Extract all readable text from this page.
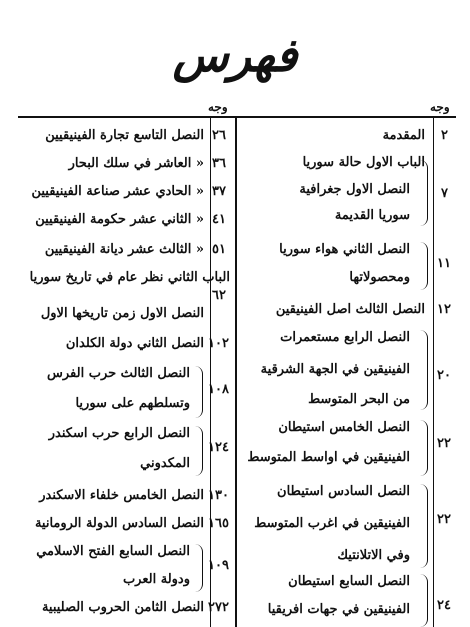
فهرس
وجه
وجه
٢
المقدمة
الباب الاول حالة سوريا
٧
النصل الاول جغرافية
سوريا القديمة
١١
النصل الثاني هواء سوريا
ومحصولاتها
١٢
النصل الثالث اصل الفينيقين
النصل الرابع مستعمرات
٢٠
الفينيقين في الجهة الشرقية
من البحر المتوسط
النصل الخامس استيطان
٢٢
الفينيقين في اواسط المتوسط
النصل السادس استيطان
٢٢
الفينيقين في اغرب المتوسط
وفي الاتلانتيك
النصل السابع استيطان
٢٤
الفينيقين في جهات افريقيا
٢٦
النصل التاسع تجارة الفينيقيين
٣٦
« العاشر في سلك البحار
٣٧
« الحادي عشر صناعة الفينيقيين
٤١
« الثاني عشر حكومة الفينيقيين
٥١
« الثالث عشر ديانة الفينيقيين
الباب الثاني نظر عام في تاريخ سوريا
٦٢
النصل الاول زمن تاريخها الاول
١٠٢
النصل الثاني دولة الكلدان
النصل الثالث حرب الفرس
١٠٨
وتسلطهم على سوريا
النصل الرابع حرب اسكندر
١٢٤
المكدوني
١٣٠
النصل الخامس خلفاء الاسكندر
١٦٥
النصل السادس الدولة الرومانية
النصل السابع الفتح الاسلامي
١٠٩
ودولة العرب
٢٧٢
النصل الثامن الحروب الصليبية
